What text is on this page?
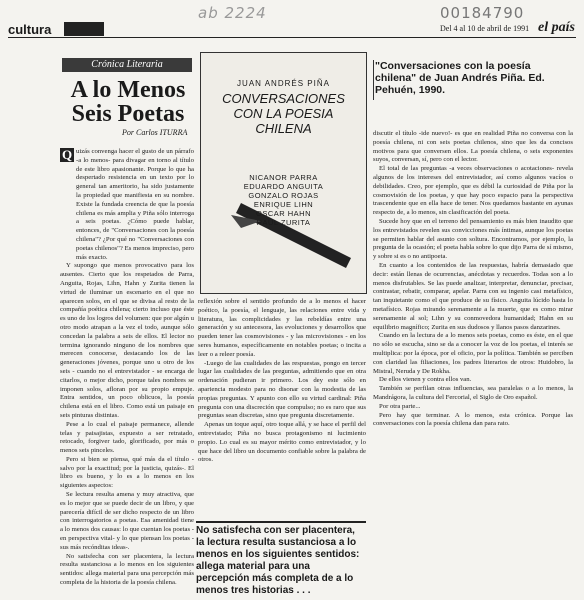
ab 2224	00184790
cultura	Del 4 al 10 de abril de 1991 el país
Crónica Literaria
A lo Menos Seis Poetas
Por Carlos ITURRA
JUAN ANDRÉS PIÑA
CONVERSACIONES CON LA POESIA CHILENA
NICANOR PARRA
EDUARDO ANGUITA
GONZALO ROJAS
ENRIQUE LIHN
OSCAR HAHN
RAUL ZURITA
"Conversaciones con la poesía chilena" de Juan Andrés Piña. Ed. Pehuén, 1990.
Q uizás convenga hacer el gusto de un párrafo -a lo menos- para divagar en torno al título de este libro apasionante. Porque lo que ha despertado resistencia en un texto por lo general tan ameritorio, ha sido justamente la propiedad que manifiesta en su nombre. Existe la fundada creencia de que la poesía chilena es más amplia y Piña sólo interroga a seis poetas. ¿Cómo puede hablar, entonces, de "Conversaciones con la poesía chilena"? ¿Por qué no "Conversaciones con poetas chilenos"? Es menos impreciso, pero más exacto.

Y supongo que menos provocativo para los ausentes. Cierto que los respetados de Parra, Anguita, Rojas, Lihn, Hahn y Zurita tienen la virtud de iluminar un escenario en el que no aparecen solos, en el que se divisa al resto de la compañía poética chilena; cierto incluso que éste es uno de los logros del volumen: que por algún u otro modo atrapan a la vez el todo, aunque sólo concedan la palabra a seis de ellos. El lector no termina ignorando ninguno de los nombres que merecen conocerse, destacando los de las generaciones jóvenes, porque uno u otro de los seis - cuando no el entrevistador - se encarga de citarlos, o mejor dicho, porque tales nombres se imponen solos, afloran por su propio empuje. Entra sentidos, un poco oblicuos, la poesía chilena está en el libro. Como está un paisaje en seis pinturas distintas.

Pese a lo cual el paisaje permanece, allende telas y paisajistas, expuesto a ser retratado, retocado, forgiver tado, glorificado, por más o menos seis pinceles.

Pero si bien se piensa, qué más da el título -salvo por la exactitud; por la justicia, quizás-. El libro es bueno, y lo es a lo menos en los siguientes aspectos:

Se lectura resulta amena y muy atractiva, que es lo mejor que se puede decir de un libro, y que parecería difícil de ser dicho respecto de un libro con interrogatorios a poetas. Esa amenidad tiene a lo menos dos causas: lo que cuentan los poetas -en perspectiva vital- y lo que piensan los poetas -sus más recónditas ideas-.

No satisfecha con ser placentera, la lectura resulta sustanciosa a lo menos en los siguientes sentidos: allega material para una percepción más completa de la historia de la poesía chilena.

reflexión sobre el sentido profundo de a lo menos el hacer poético, la poesía, el lenguaje, las relaciones entre vida y literatura, las complicidades y las rebeldías entre una generación y su antecesora, las evoluciones y desarrollos que pueden tener las cosmovisiones - y las microvisiones - en los seres humanos, específicamente en notables poetas; o incita a leer o a releer poesía.

-Luego de las cualidades de las respuestas, pongo en tercer lugar las cualidades de las preguntas, admitiendo que en otra ordenación pudieran ir primero. Los dey este sólo en apariencia modesto para no disonar con la modestia de las propias preguntas. Y apunto con ello su virtud cardinal: Piña pregunta con una discreción que compulso; no es raro que sus preguntas sean discretas, sino que pregunta discretamente.

Apenas un toque aquí, otro toque allá, y se hace el perfil del entrevistado; Piña no busca protagonismo ni lucimiento propio. Lo cual es su mayor mérito como entrevistador, y lo que hace del libro un documento confiable sobre la palabra de otros.

No satisfecha con ser placentera, la lectura resulta sustanciosa a lo menos en los siguientes sentidos: allega material para una percepción más completa de a lo menos tres historias . . .

discutir el título -ide nuevo!- es que en realidad Piña no conversa con la poesía chilena, ni con seis poetas chilenos, sino que les da concisos motivos para que conversen ellos. La poesía chilena, o seis exponentes suyos, conversan, sí, pero con el lector.

El total de las preguntas -a veces observaciones o acotaciones- revela algunos de los intereses del entrevistador, así como algunos vacíos o debilidades. Creo, por ejemplo, que es débil la curiosidad de Piña por la cosmovisión de los poetas, y que hay poco espacio para la perspectiva trascendente que en ella hace de tener. Nos quedamos bastante en ayunas respecto de, a lo menos, sin clasificación del poeta.

Sucede hoy que en el terreno del pensamiento es más bien inaudito que los entrevistados revelen sus convicciones más íntimas, aunque los poetas se permiten hablar del asunto con soltura. Encontramos, por ejemplo, la pregunta de la ocasión; el poeta habla sobre lo que dijo Parra de sí mismo, y sobre si es o no antipoeta.

En cuanto a los contenidos de las respuestas, habría demasiado que decir: están llenas de ocurrencias, anécdotas y recuerdos. Todas son a lo menos disfrutables. Se las puede analizar, interpretar, denunciar, precisar, contrastar, rebatir, comparar, apelar. Parra con su ingenio casi metafísico, tan inquietante como el que produce de su físico. Anguita lúcido hasta lo metafísico. Rojas mirando serenamente a la muerte, que es como mirar serenamente al sol; Lihn y su conmovedora humanidad; Hahn en su equilibrio magnífico; Zurita en sus dudosos y llanos pasos danzarines.

Cuando en la lectura de a lo menos seis poetas, como es éste, en el que no sólo se escucha, sino se da a conocer la voz de los poetas, el interés se multiplica: por la época, por el oficio, por la política. También se perciben con claridad las filiaciones, los padres literarios de otros: Huidobro, la Mistral, Neruda y De Rokha.

De ellos vienen y contra ellos van.

También se perfilan otras influencias, sea paralelas o a lo menos, la Mandrágora, la cultura del Fercorial, el Siglo de Oro español.

Por otra parte...

Pero hay que terminar. A lo menos, esta crónica. Porque las conversaciones con la poesía chilena dan para rato.
